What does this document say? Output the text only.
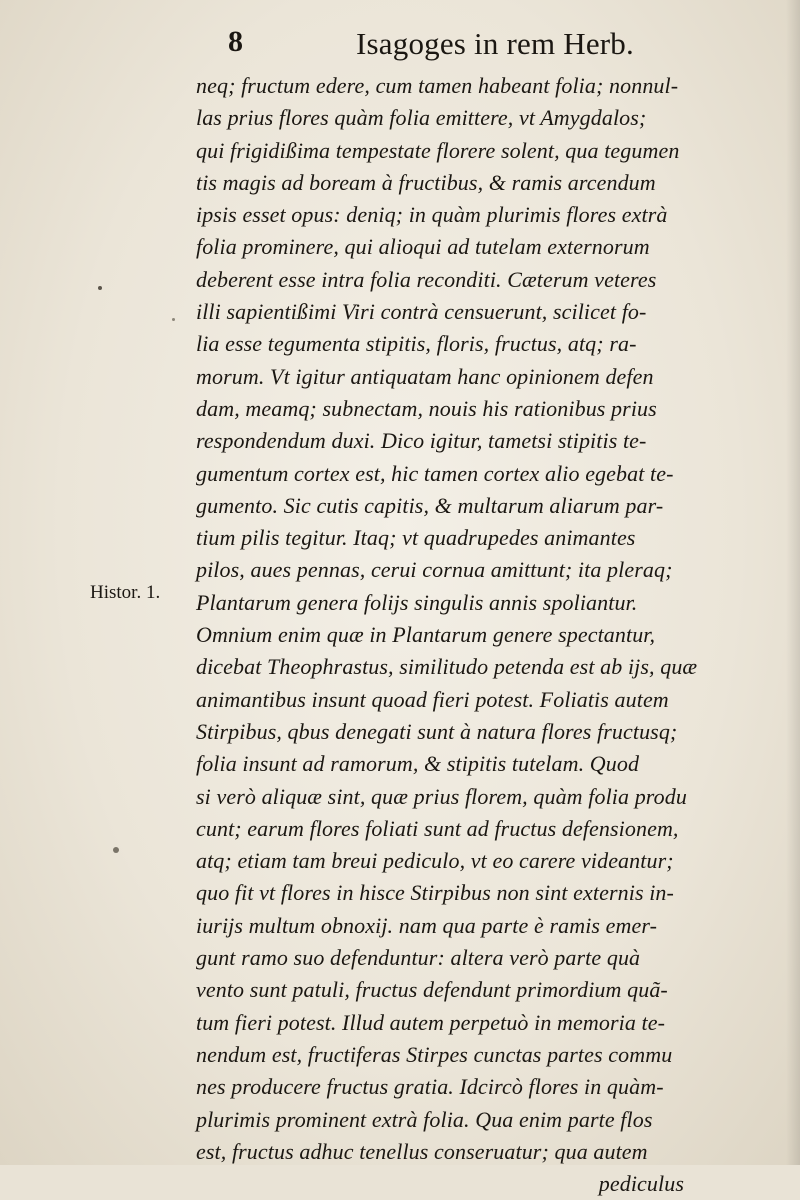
8	Isagoges in rem Herb.
Histor. 1.
neq; fructum edere, cum tamen habeant folia; nonnul-
las prius flores quàm folia emittere, vt Amygdalos;
qui frigidißima tempestate florere solent, qua tegumen
tis magis ad boream à fructibus, & ramis arcendum
ipsis esset opus: deniq; in quàm plurimis flores extrà
folia prominere, qui alioqui ad tutelam externorum
deberent esse intra folia reconditi. Cæterum veteres
illi sapientißimi Viri contrà censuerunt, scilicet fo-
lia esse tegumenta stipitis, floris, fructus, atq; ra-
morum. Vt igitur antiquatam hanc opinionem defen
dam, meamq; subnectam, nouis his rationibus prius
respondendum duxi. Dico igitur, tametsi stipitis te-
gumentum cortex est, hic tamen cortex alio egebat te-
gumento. Sic cutis capitis, & multarum aliarum par-
tium pilis tegitur. Itaq; vt quadrupedes animantes
pilos, aues pennas, cerui cornua amittunt; ita pleraq;
Plantarum genera folijs singulis annis spoliantur.
Omnium enim quæ in Plantarum genere spectantur,
dicebat Theophrastus, similitudo petenda est ab ijs, quæ
animantibus insunt quoad fieri potest. Foliatis autem
Stirpibus, qbus denegati sunt à natura flores fructusq;
folia insunt ad ramorum, & stipitis tutelam. Quod
si verò aliquæ sint, quæ prius florem, quàm folia produ
cunt; earum flores foliati sunt ad fructus defensionem,
atq; etiam tam breui pediculo, vt eo carere videantur;
quo fit vt flores in hisce Stirpibus non sint externis in-
iurijs multum obnoxij. nam qua parte è ramis emer-
gunt ramo suo defenduntur: altera verò parte quà
vento sunt patuli, fructus defendunt primordium quã-
tum fieri potest. Illud autem perpetuò in memoria te-
nendum est, fructiferas Stirpes cunctas partes commu
nes producere fructus gratia. Idcircò flores in quàm-
plurimis prominent extrà folia. Qua enim parte flos
est, fructus adhuc tenellus conseruatur; qua autem
pediculus
